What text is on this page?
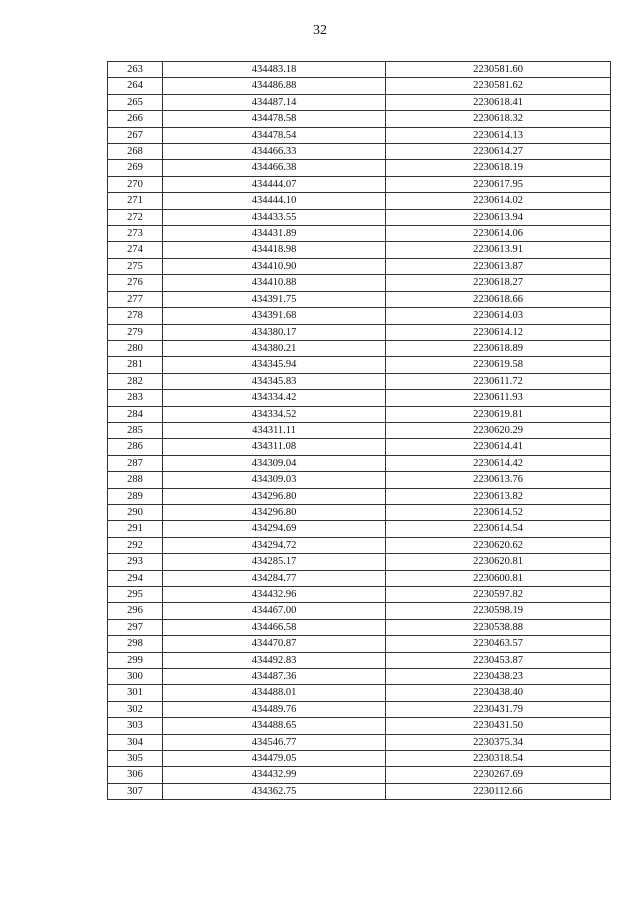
32
263	434483.18	2230581.60
264	434486.88	2230581.62
265	434487.14	2230618.41
266	434478.58	2230618.32
267	434478.54	2230614.13
268	434466.33	2230614.27
269	434466.38	2230618.19
270	434444.07	2230617.95
271	434444.10	2230614.02
272	434433.55	2230613.94
273	434431.89	2230614.06
274	434418.98	2230613.91
275	434410.90	2230613.87
276	434410.88	2230618.27
277	434391.75	2230618.66
278	434391.68	2230614.03
279	434380.17	2230614.12
280	434380.21	2230618.89
281	434345.94	2230619.58
282	434345.83	2230611.72
283	434334.42	2230611.93
284	434334.52	2230619.81
285	434311.11	2230620.29
286	434311.08	2230614.41
287	434309.04	2230614.42
288	434309.03	2230613.76
289	434296.80	2230613.82
290	434296.80	2230614.52
291	434294.69	2230614.54
292	434294.72	2230620.62
293	434285.17	2230620.81
294	434284.77	2230600.81
295	434432.96	2230597.82
296	434467.00	2230598.19
297	434466.58	2230538.88
298	434470.87	2230463.57
299	434492.83	2230453.87
300	434487.36	2230438.23
301	434488.01	2230438.40
302	434489.76	2230431.79
303	434488.65	2230431.50
304	434546.77	2230375.34
305	434479.05	2230318.54
306	434432.99	2230267.69
307	434362.75	2230112.66
